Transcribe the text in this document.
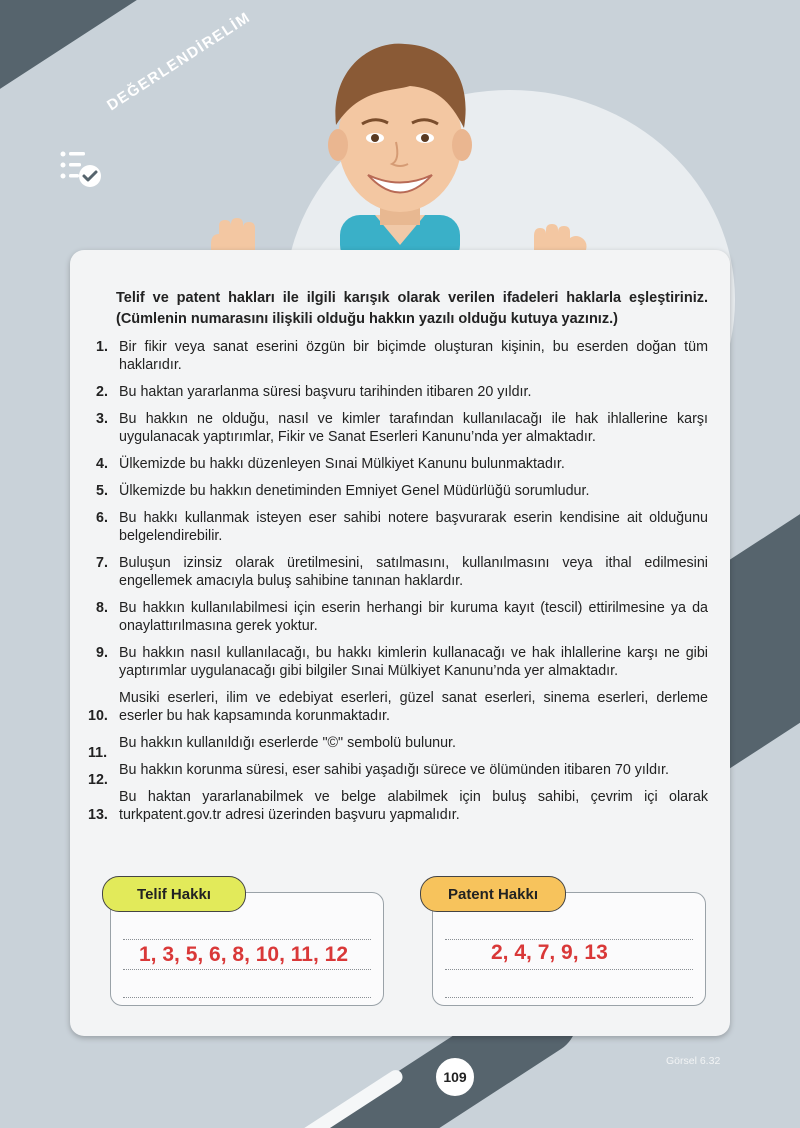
DEĞERLENDİRELİM
Telif ve patent hakları ile ilgili karışık olarak verilen ifadeleri haklarla eşleştiriniz. (Cümlenin numarasını ilişkili olduğu hakkın yazılı olduğu kutuya yazınız.)
1. Bir fikir veya sanat eserini özgün bir biçimde oluşturan kişinin, bu eserden doğan tüm haklarıdır.
2. Bu haktan yararlanma süresi başvuru tarihinden itibaren 20 yıldır.
3. Bu hakkın ne olduğu, nasıl ve kimler tarafından kullanılacağı ile hak ihlallerine karşı uygulanacak yaptırımlar, Fikir ve Sanat Eserleri Kanunu’nda yer almaktadır.
4. Ülkemizde bu hakkı düzenleyen Sınai Mülkiyet Kanunu bulunmaktadır.
5. Ülkemizde bu hakkın denetiminden Emniyet Genel Müdürlüğü sorumludur.
6. Bu hakkı kullanmak isteyen eser sahibi notere başvurarak eserin kendisine ait olduğunu belgelendirebilir.
7. Buluşun izinsiz olarak üretilmesini, satılmasını, kullanılmasını veya ithal edilmesini engellemek amacıyla buluş sahibine tanınan haklardır.
8. Bu hakkın kullanılabilmesi için eserin herhangi bir kuruma kayıt (tescil) ettirilmesine ya da onaylattırılmasına gerek yoktur.
9. Bu hakkın nasıl kullanılacağı, bu hakkı kimlerin kullanacağı ve hak ihlallerine karşı ne gibi yaptırımlar uygulanacağı gibi bilgiler Sınai Mülkiyet Kanunu’nda yer almaktadır.
10.
Musiki eserleri, ilim ve edebiyat eserleri, güzel sanat eserleri, sinema eserleri, derleme eserler bu hak kapsamında korunmaktadır.
11.
Bu hakkın kullanıldığı eserlerde "©" sembolü bulunur.
12.
Bu hakkın korunma süresi, eser sahibi yaşadığı sürece ve ölümünden itibaren 70 yıldır.
13.
Bu haktan yararlanabilmek ve belge alabilmek için buluş sahibi, çevrim içi olarak turkpatent.gov.tr adresi üzerinden başvuru yapmalıdır.
1, 3, 5, 6, 8, 10, 11, 12
Telif Hakkı
2, 4, 7, 9, 13
Patent Hakkı
109
Görsel 6.32
